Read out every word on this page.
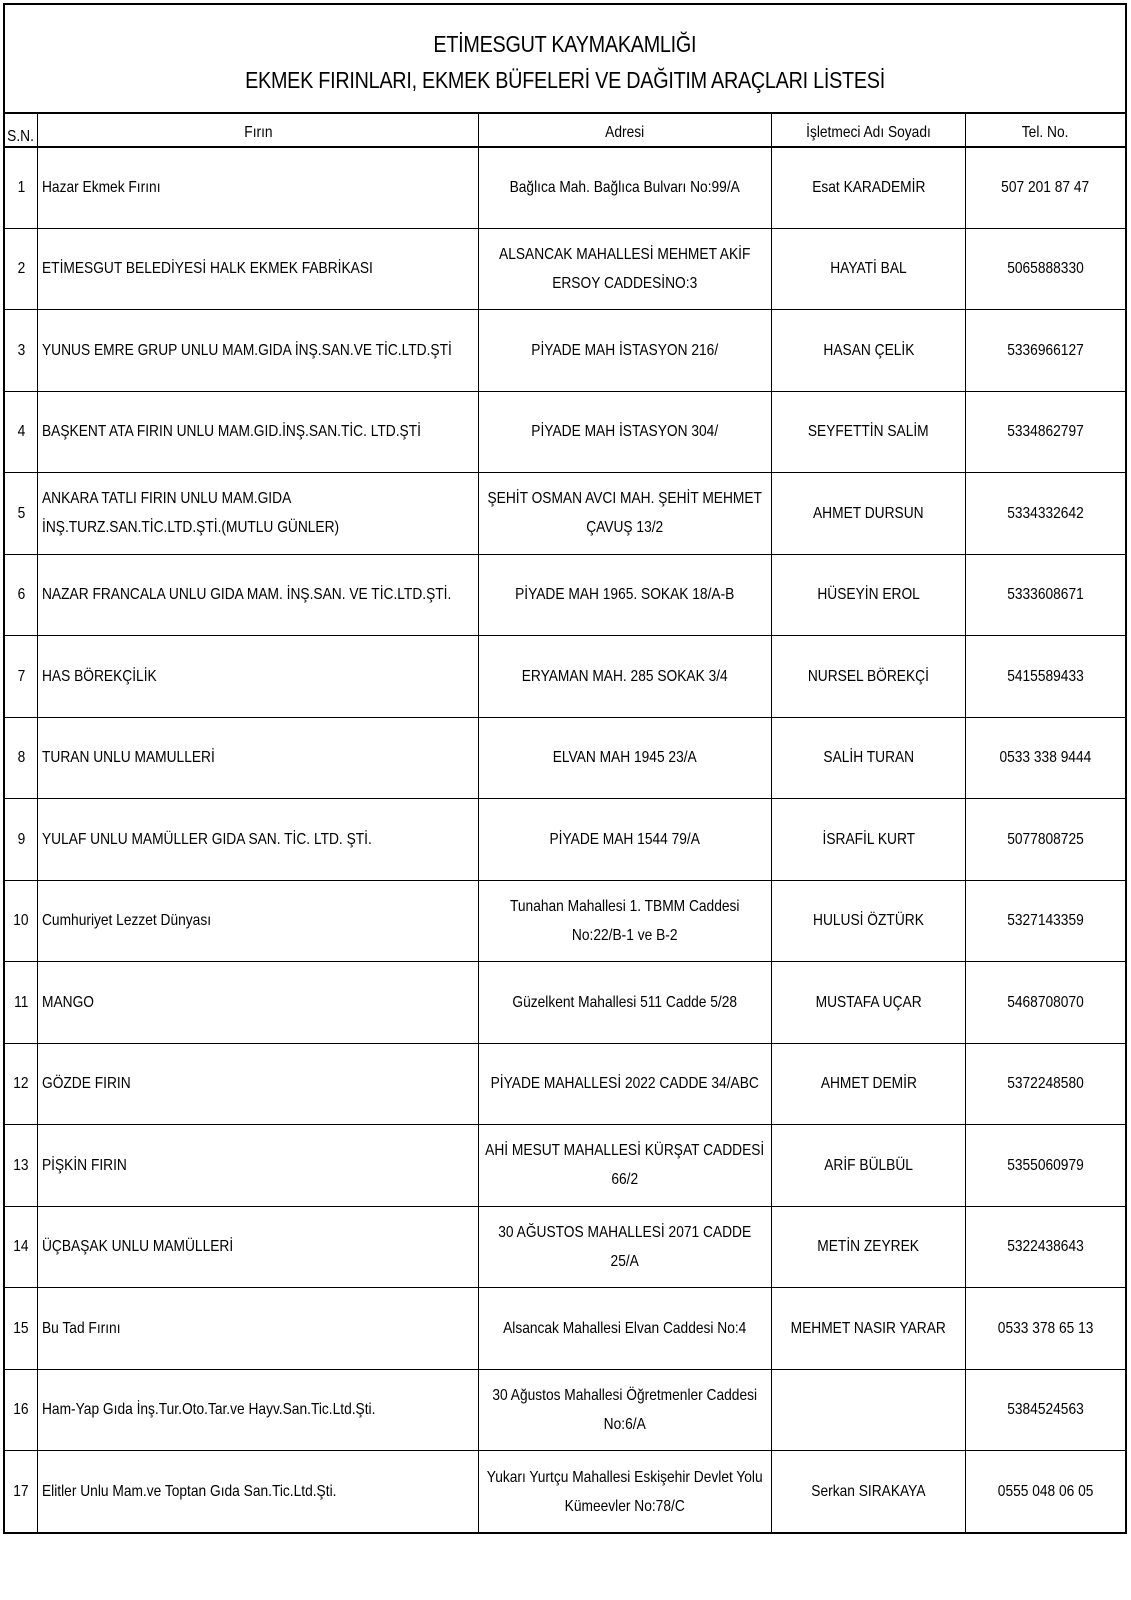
ETİMESGUT KAYMAKAMLIĞI
EKMEK FIRINLARI, EKMEK BÜFELERİ VE DAĞITIM ARAÇLARI LİSTESİ
S.N.	Fırın	Adresi	İşletmeci Adı Soyadı	Tel. No.
1	Hazar Ekmek Fırını	Bağlıca Mah. Bağlıca Bulvarı No:99/A	Esat KARADEMİR	507 201 87 47
2	ETİMESGUT BELEDİYESİ HALK EKMEK FABRİKASI	ALSANCAK MAHALLESİ MEHMET AKİF ERSOY CADDESİNO:3	HAYATİ BAL	5065888330
3	YUNUS EMRE GRUP UNLU MAM.GIDA İNŞ.SAN.VE TİC.LTD.ŞTİ	PİYADE MAH İSTASYON 216/	HASAN ÇELİK	5336966127
4	BAŞKENT ATA FIRIN UNLU MAM.GID.İNŞ.SAN.TİC. LTD.ŞTİ	PİYADE MAH İSTASYON 304/	SEYFETTİN SALİM	5334862797
5	ANKARA TATLI FIRIN UNLU MAM.GIDA İNŞ.TURZ.SAN.TİC.LTD.ŞTİ.(MUTLU GÜNLER)	ŞEHİT OSMAN AVCI MAH. ŞEHİT MEHMET ÇAVUŞ 13/2	AHMET DURSUN	5334332642
6	NAZAR FRANCALA UNLU GIDA MAM. İNŞ.SAN. VE TİC.LTD.ŞTİ.	PİYADE MAH 1965. SOKAK 18/A-B	HÜSEYİN EROL	5333608671
7	HAS BÖREKÇİLİK	ERYAMAN MAH. 285 SOKAK 3/4	NURSEL BÖREKÇİ	5415589433
8	TURAN UNLU MAMULLERİ	ELVAN MAH 1945 23/A	SALİH TURAN	0533 338 9444
9	YULAF UNLU MAMÜLLER GIDA SAN. TİC. LTD. ŞTİ.	PİYADE MAH 1544 79/A	İSRAFİL KURT	5077808725
10	Cumhuriyet Lezzet Dünyası	Tunahan Mahallesi 1. TBMM Caddesi No:22/B-1 ve B-2	HULUSİ ÖZTÜRK	5327143359
11	MANGO	Güzelkent Mahallesi 511 Cadde 5/28	MUSTAFA UÇAR	5468708070
12	GÖZDE FIRIN	PİYADE MAHALLESİ 2022 CADDE 34/ABC	AHMET DEMİR	5372248580
13	PİŞKİN FIRIN	AHİ MESUT MAHALLESİ KÜRŞAT CADDESİ 66/2	ARİF BÜLBÜL	5355060979
14	ÜÇBAŞAK UNLU MAMÜLLERİ	30 AĞUSTOS MAHALLESİ 2071 CADDE 25/A	METİN ZEYREK	5322438643
15	Bu Tad Fırını	Alsancak Mahallesi Elvan Caddesi No:4	MEHMET NASIR YARAR	0533 378 65 13
16	Ham-Yap Gıda İnş.Tur.Oto.Tar.ve Hayv.San.Tic.Ltd.Şti.	30 Ağustos Mahallesi Öğretmenler Caddesi No:6/A		5384524563
17	Elitler Unlu Mam.ve Toptan Gıda San.Tic.Ltd.Şti.	Yukarı Yurtçu Mahallesi Eskişehir Devlet Yolu Kümeevler No:78/C	Serkan SIRAKAYA	0555 048 06 05
